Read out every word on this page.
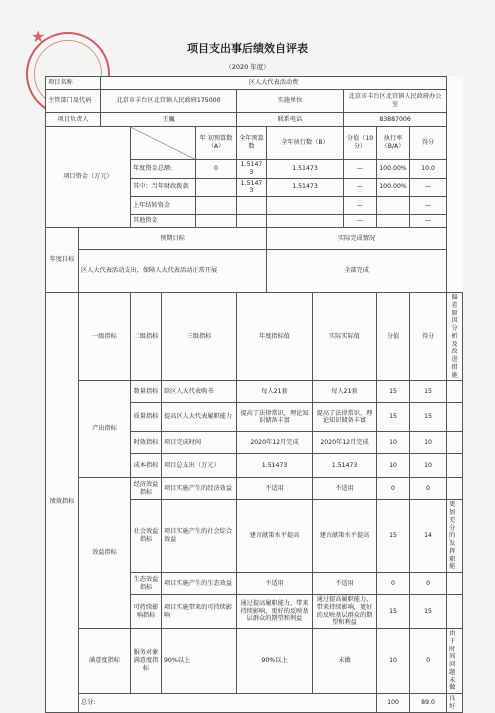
★
项目支出事后绩效自评表
（2020 年度）
项目名称		区人大代表活动费										
主管部门及代码		北京市丰台区北宫镇人民政府175000				实施单位			北京市丰台区北宫镇人民政府办公室			
项目负责人		王巍				联系电话			83887006			
项目资金（万元）					年 初预算数（A）	全年预算数	全年执行数（B）		分值（10分）	执行率（B/A）	得分	
			年度资金总额:		0	1.51473	1.51473		—	100.00%	10.0	
			其中：当年财政拨款			1.51473	1.51473		—	100.00%	—	
			上年结转资金						—		—	
			其他资金						—		—	
年度目标	预期目标						实际完成情况					
	区人大代表活动支出，保障人大代表活动正常开展						全部完成					
绩效指标	一级指标		二级指标	三级指标		年度指标值		实际实际值		分值	得分	偏差原因分析及改进措施
	产出指标		数量指标	给区人大代表购书		每人21套		每人21套		15	15	
			质量指标	提高区人大代表履职能力		提高了法律常识，理论知识储备丰富		提高了法律常识，理论知识储备丰富		15	15	
			时效指标	项目完成时间		2020年12月完成		2020年12月完成		10	10	
			成本指标	项目总支出（万元）		1.51473		1.51473		10	10	
	效益指标		经济效益指标	项目实施产生的经济效益		不适用		不适用		0	0	
			社会效益指标	项目实施产生的社会综合效益		建言献策水平提高		建言献策水平提高		15	14	更加充分的发挥职能
			生态效益指标	项目实施产生的生态效益		不适用		不适用		0	0	
			可持续影响指标	项目实施带来的可持续影响		通过提高履职能力，带来持续影响，更好的反映基层群众的期望和利益		通过提高履职能力，带来持续影响，更好的反映基层群众的期望和利益		15	15	
	满意度指标		服务对象满意度指标	90%以上		90%以上		未做		10	0	由于时间问题未做
	总分:									100	89.0	良好
